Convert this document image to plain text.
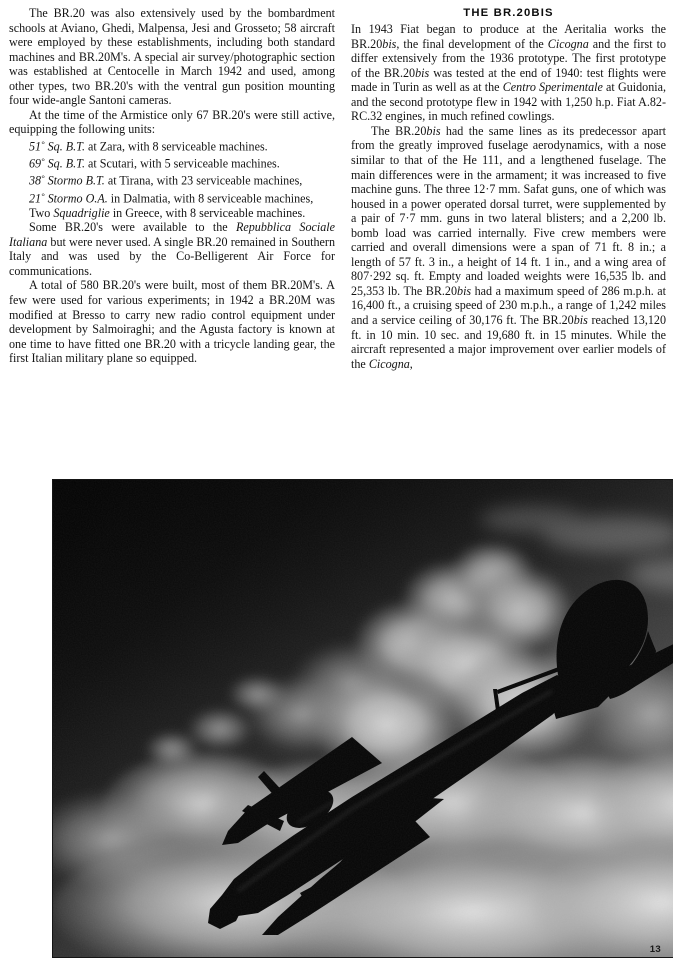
The BR.20 was also extensively used by the bombardment schools at Aviano, Ghedi, Malpensa, Jesi and Grosseto; 58 aircraft were employed by these establishments, including both standard machines and BR.20M's. A special air survey/photographic section was established at Centocelle in March 1942 and used, among other types, two BR.20's with the ventral gun position mounting four wide-angle Santoni cameras.

At the time of the Armistice only 67 BR.20's were still active, equipping the following units:

51° Sq. B.T. at Zara, with 8 serviceable machines.
69° Sq. B.T. at Scutari, with 5 serviceable machines.
38° Stormo B.T. at Tirana, with 23 serviceable machines,
21° Stormo O.A. in Dalmatia, with 8 serviceable machines,
Two Squadriglie in Greece, with 8 serviceable machines.

Some BR.20's were available to the Repubblica Sociale Italiana but were never used. A single BR.20 remained in Southern Italy and was used by the Co-Belligerent Air Force for communications.

A total of 580 BR.20's were built, most of them BR.20M's. A few were used for various experiments; in 1942 a BR.20M was modified at Bresso to carry new radio control equipment under development by Salmoiraghi; and the Agusta factory is known at one time to have fitted one BR.20 with a tricycle landing gear, the first Italian military plane so equipped.

THE BR.20BIS

In 1943 Fiat began to produce at the Aeritalia works the BR.20bis, the final development of the Cicogna and the first to differ extensively from the 1936 prototype. The first prototype of the BR.20bis was tested at the end of 1940: test flights were made in Turin as well as at the Centro Sperimentale at Guidonia, and the second prototype flew in 1942 with 1,250 h.p. Fiat A.82-RC.32 engines, in much refined cowlings.

The BR.20bis had the same lines as its predecessor apart from the greatly improved fuselage aerodynamics, with a nose similar to that of the He 111, and a lengthened fuselage. The main differences were in the armament; it was increased to five machine guns. The three 12·7 mm. Safat guns, one of which was housed in a power operated dorsal turret, were supplemented by a pair of 7·7 mm. guns in two lateral blisters; and a 2,200 lb. bomb load was carried internally. Five crew members were carried and overall dimensions were a span of 71 ft. 8 in.; a length of 57 ft. 3 in., a height of 14 ft. 1 in., and a wing area of 807·292 sq. ft. Empty and loaded weights were 16,535 lb. and 25,353 lb. The BR.20bis had a maximum speed of 286 m.p.h. at 16,400 ft., a cruising speed of 230 m.p.h., a range of 1,242 miles and a service ceiling of 30,176 ft. The BR.20bis reached 13,120 ft. in 10 min. 10 sec. and 19,680 ft. in 15 minutes. While the aircraft represented a major improvement over earlier models of the Cicogna,

13
